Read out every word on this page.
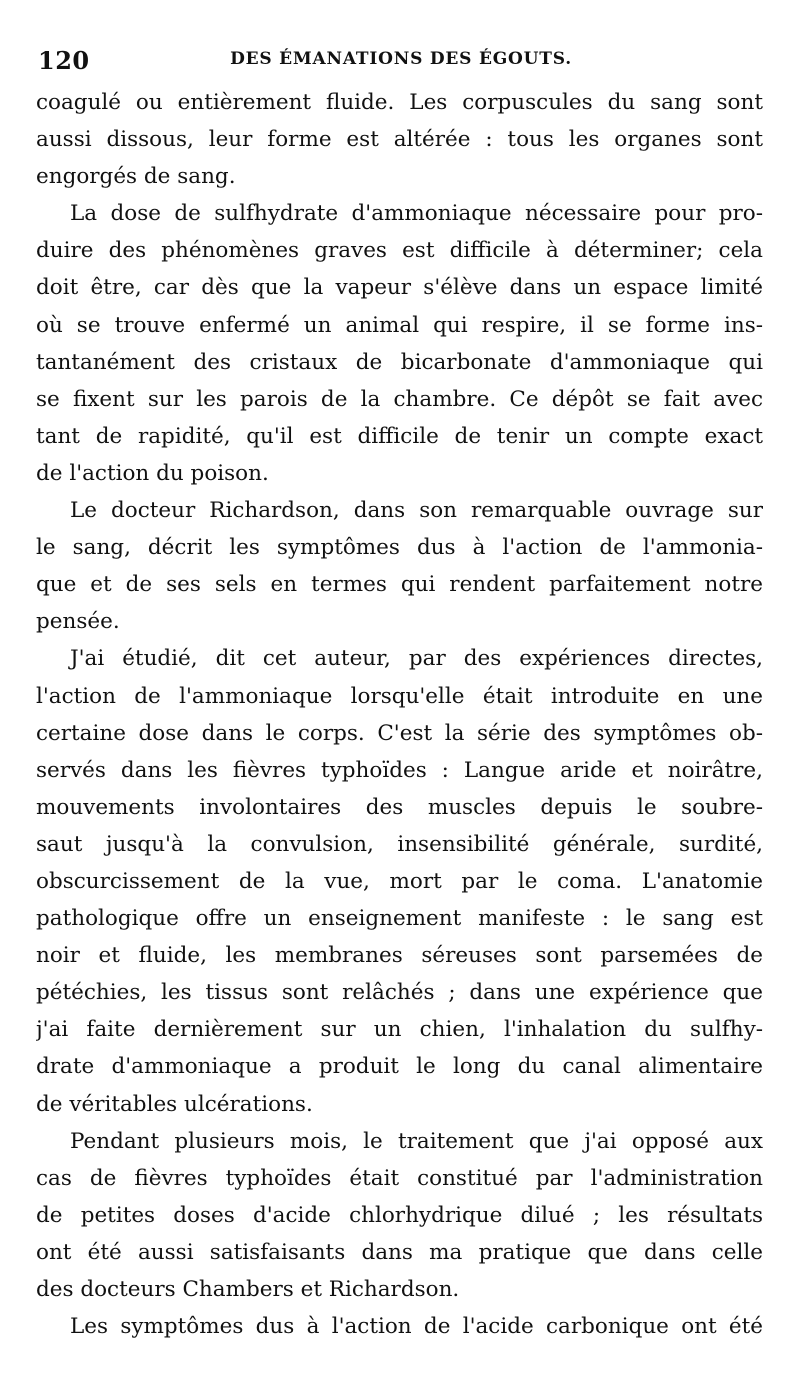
120	DES ÉMANATIONS DES ÉGOUTS.
coagulé ou entièrement fluide. Les corpuscules du sang sont
aussi dissous, leur forme est altérée : tous les organes sont
engorgés de sang.
La dose de sulfhydrate d'ammoniaque nécessaire pour pro-
duire des phénomènes graves est difficile à déterminer; cela
doit être, car dès que la vapeur s'élève dans un espace limité
où se trouve enfermé un animal qui respire, il se forme ins-
tantanément des cristaux de bicarbonate d'ammoniaque qui
se fixent sur les parois de la chambre. Ce dépôt se fait avec
tant de rapidité, qu'il est difficile de tenir un compte exact
de l'action du poison.
Le docteur Richardson, dans son remarquable ouvrage sur
le sang, décrit les symptômes dus à l'action de l'ammonia-
que et de ses sels en termes qui rendent parfaitement notre
pensée.
J'ai étudié, dit cet auteur, par des expériences directes,
l'action de l'ammoniaque lorsqu'elle était introduite en une
certaine dose dans le corps. C'est la série des symptômes ob-
servés dans les fièvres typhoïdes : Langue aride et noirâtre,
mouvements involontaires des muscles depuis le soubre-
saut jusqu'à la convulsion, insensibilité générale, surdité,
obscurcissement de la vue, mort par le coma. L'anatomie
pathologique offre un enseignement manifeste : le sang est
noir et fluide, les membranes séreuses sont parsemées de
pétéchies, les tissus sont relâchés ; dans une expérience que
j'ai faite dernièrement sur un chien, l'inhalation du sulfhy-
drate d'ammoniaque a produit le long du canal alimentaire
de véritables ulcérations.
Pendant plusieurs mois, le traitement que j'ai opposé aux
cas de fièvres typhoïdes était constitué par l'administration
de petites doses d'acide chlorhydrique dilué ; les résultats
ont été aussi satisfaisants dans ma pratique que dans celle
des docteurs Chambers et Richardson.
Les symptômes dus à l'action de l'acide carbonique ont été
